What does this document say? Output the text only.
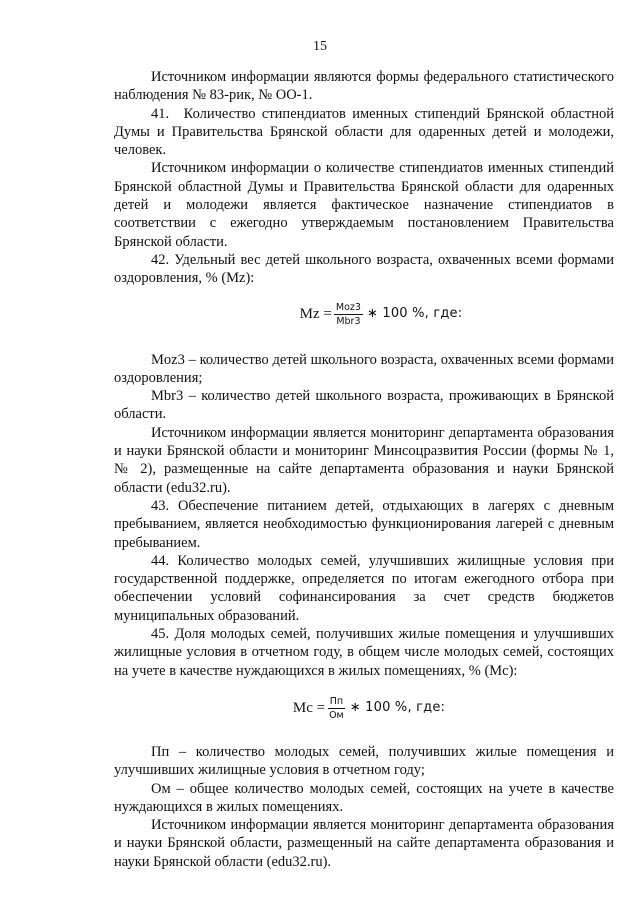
15

Источником информации являются формы федерального статистического наблюдения № 83-рик, № ОО-1.

41. Количество стипендиатов именных стипендий Брянской областной Думы и Правительства Брянской области для одаренных детей и молодежи, человек.

Источником информации о количестве стипендиатов именных стипендий Брянской областной Думы и Правительства Брянской области для одаренных детей и молодежи является фактическое назначение стипендиатов в соответствии с ежегодно утверждаемым постановлением Правительства Брянской области.

42. Удельный вес детей школьного возраста, охваченных всеми формами оздоровления, % (Mz):

$Mz = \frac{\text{Moz3}}{\text{Mbr3}}$ ∗ 100 %, где:

Moz3 – количество детей школьного возраста, охваченных всеми формами оздоровления;

Mbr3 – количество детей школьного возраста, проживающих в Брянской области.

Источником информации является мониторинг департамента образования и науки Брянской области и мониторинг Минсоцразвития России (формы № 1, № 2), размещенные на сайте департамента образования и науки Брянской области (edu32.ru).

43. Обеспечение питанием детей, отдыхающих в лагерях с дневным пребыванием, является необходимостью функционирования лагерей с дневным пребыванием.

44. Количество молодых семей, улучшивших жилищные условия при государственной поддержке, определяется по итогам ежегодного отбора при обеспечении условий софинансирования за счет средств бюджетов муниципальных образований.

45. Доля молодых семей, получивших жилые помещения и улучшивших жилищные условия в отчетном году, в общем числе молодых семей, состоящих на учете в качестве нуждающихся в жилых помещениях, % (Мс):

Мс = $\frac{Пп}{Ом}$ ∗ 100 %, где:

Пп – количество молодых семей, получивших жилые помещения и улучшивших жилищные условия в отчетном году;

Ом – общее количество молодых семей, состоящих на учете в качестве нуждающихся в жилых помещениях.

Источником информации является мониторинг департамента образования и науки Брянской области, размещенный на сайте департамента образования и науки Брянской области (edu32.ru).
